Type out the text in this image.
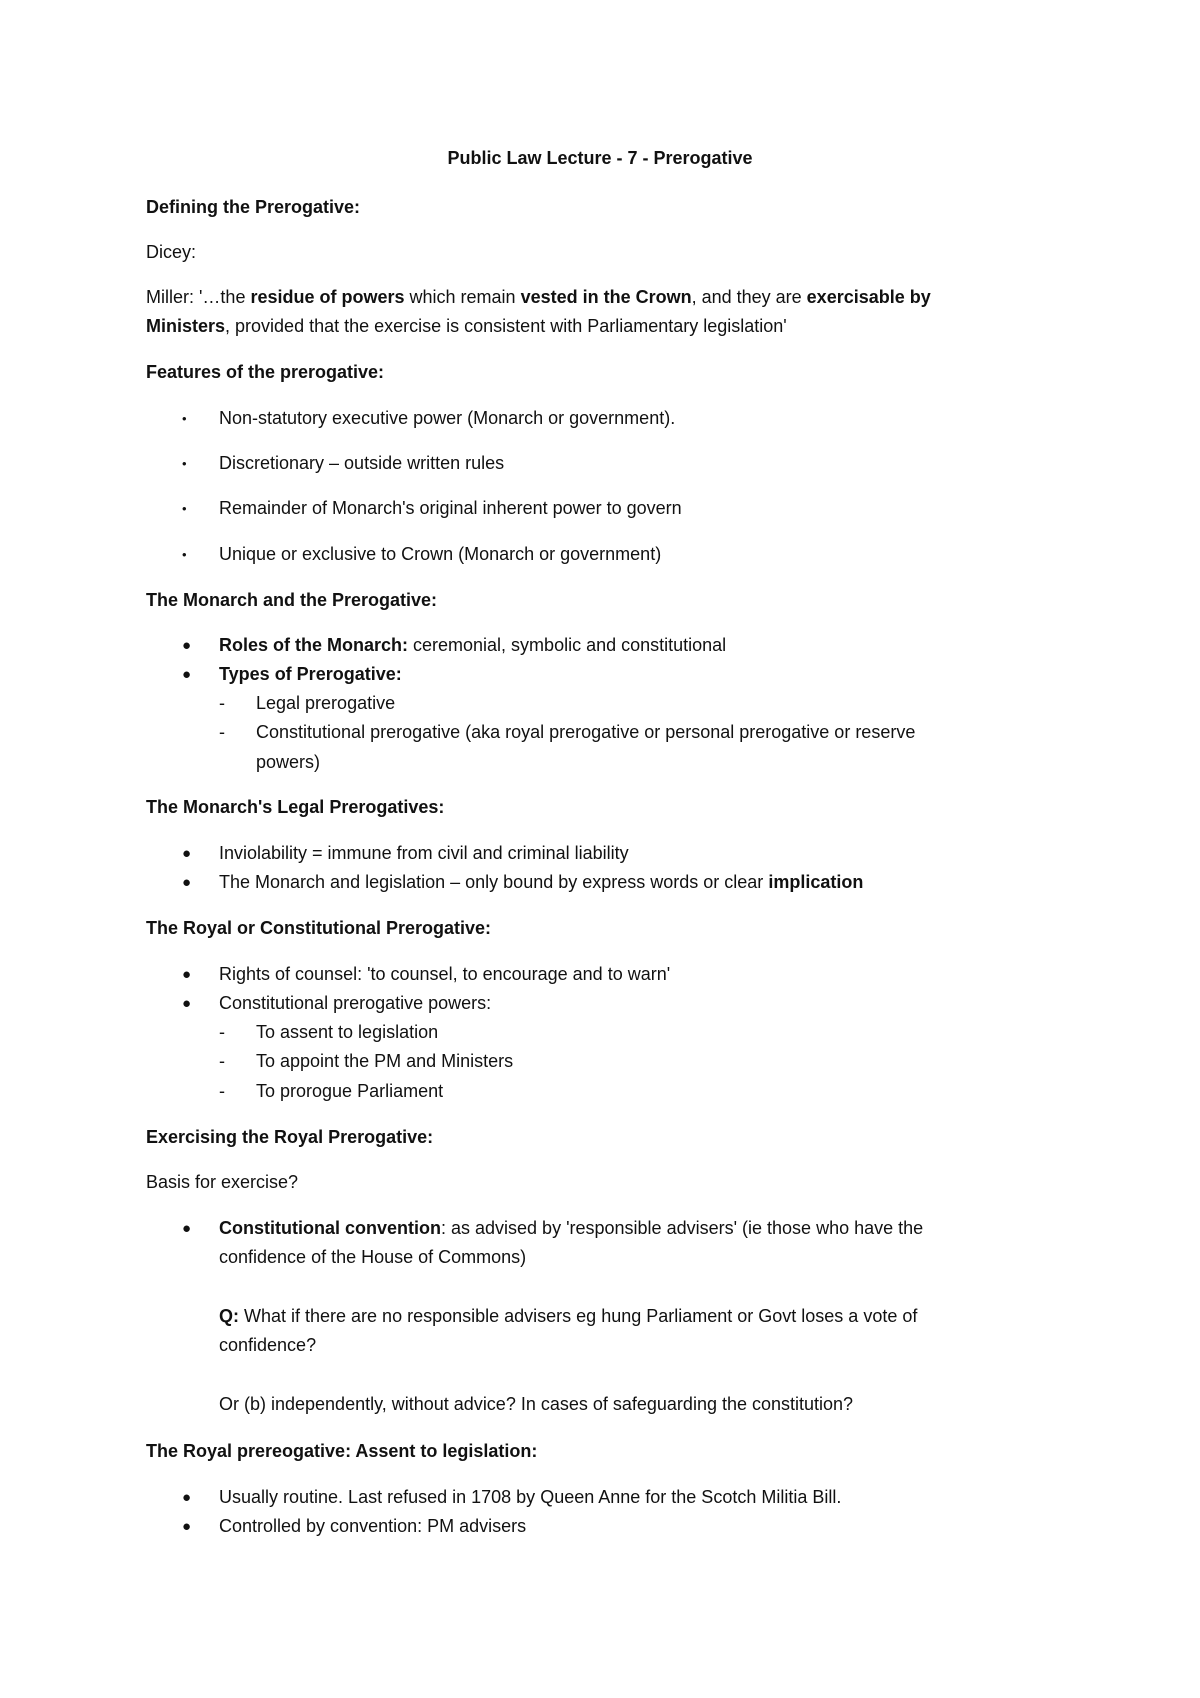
Public Law Lecture - 7 - Prerogative
Defining the Prerogative:
Dicey:
Miller: '…the residue of powers which remain vested in the Crown, and they are exercisable by
Ministers, provided that the exercise is consistent with Parliamentary legislation'
Features of the prerogative:
• Non-statutory executive power (Monarch or government).
• Discretionary – outside written rules
• Remainder of Monarch's original inherent power to govern
• Unique or exclusive to Crown (Monarch or government)
The Monarch and the Prerogative:
● Roles of the Monarch: ceremonial, symbolic and constitutional
● Types of Prerogative:
- Legal prerogative
- Constitutional prerogative (aka royal prerogative or personal prerogative or reserve
powers)
The Monarch's Legal Prerogatives:
● Inviolability = immune from civil and criminal liability
● The Monarch and legislation – only bound by express words or clear implication
The Royal or Constitutional Prerogative:
● Rights of counsel: 'to counsel, to encourage and to warn'
● Constitutional prerogative powers:
- To assent to legislation
- To appoint the PM and Ministers
- To prorogue Parliament
Exercising the Royal Prerogative:
Basis for exercise?
● Constitutional convention: as advised by 'responsible advisers' (ie those who have the
confidence of the House of Commons)
Q: What if there are no responsible advisers eg hung Parliament or Govt loses a vote of
confidence?
Or (b) independently, without advice? In cases of safeguarding the constitution?
The Royal prereogative: Assent to legislation:
● Usually routine. Last refused in 1708 by Queen Anne for the Scotch Militia Bill.
● Controlled by convention: PM advisers
